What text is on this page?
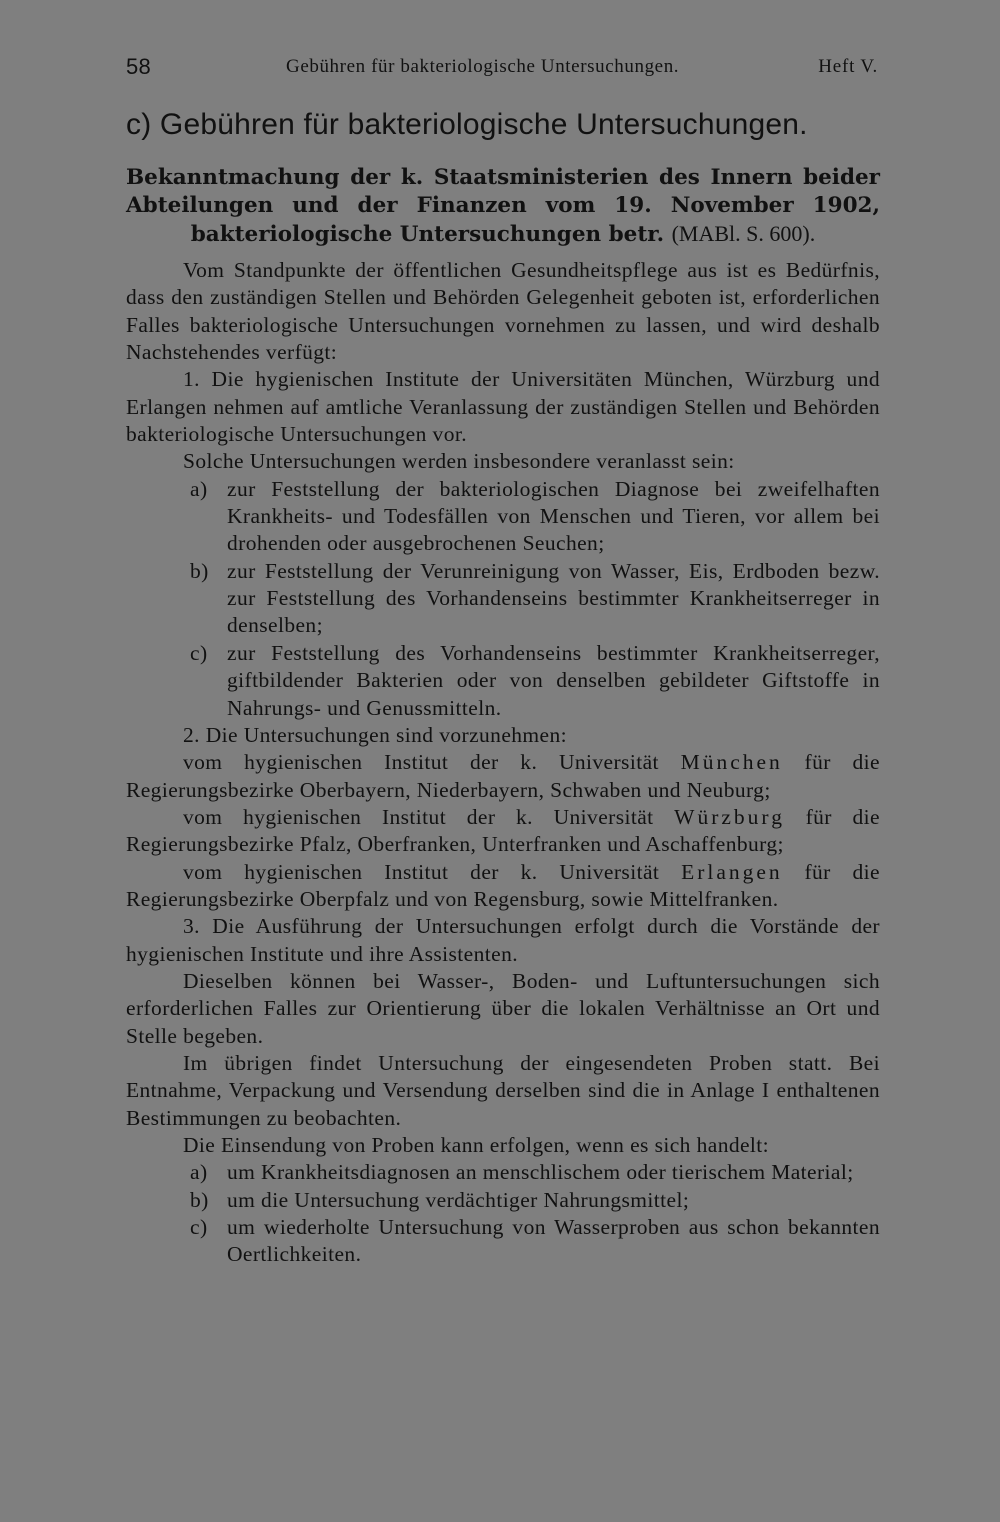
58	Gebühren für bakteriologische Untersuchungen.	Heft V.
c) Gebühren für bakteriologische Untersuchungen.
Bekanntmachung der k. Staatsministerien des Innern beider Abteilungen und der Finanzen vom 19. November 1902, bakteriologische Untersuchungen betr. (MABl. S. 600).

Vom Standpunkte der öffentlichen Gesundheitspflege aus ist es Bedürfnis, dass den zuständigen Stellen und Behörden Gelegenheit geboten ist, erforderlichen Falles bakteriologische Untersuchungen vornehmen zu lassen, und wird deshalb Nachstehendes verfügt:

1. Die hygienischen Institute der Universitäten München, Würzburg und Erlangen nehmen auf amtliche Veranlassung der zuständigen Stellen und Behörden bakteriologische Untersuchungen vor.

Solche Untersuchungen werden insbesondere veranlasst sein:

a) zur Feststellung der bakteriologischen Diagnose bei zweifelhaften Krankheits- und Todesfällen von Menschen und Tieren, vor allem bei drohenden oder ausgebrochenen Seuchen;
b) zur Feststellung der Verunreinigung von Wasser, Eis, Erdboden bezw. zur Feststellung des Vorhandenseins bestimmter Krankheitserreger in denselben;
c) zur Feststellung des Vorhandenseins bestimmter Krankheitserreger, giftbildender Bakterien oder von denselben gebildeter Giftstoffe in Nahrungs- und Genussmitteln.

2. Die Untersuchungen sind vorzunehmen:

vom hygienischen Institut der k. Universität München für die Regierungsbezirke Oberbayern, Niederbayern, Schwaben und Neuburg;

vom hygienischen Institut der k. Universität Würzburg für die Regierungsbezirke Pfalz, Oberfranken, Unterfranken und Aschaffenburg;

vom hygienischen Institut der k. Universität Erlangen für die Regierungsbezirke Oberpfalz und von Regensburg, sowie Mittelfranken.

3. Die Ausführung der Untersuchungen erfolgt durch die Vorstände der hygienischen Institute und ihre Assistenten.

Dieselben können bei Wasser-, Boden- und Luftuntersuchungen sich erforderlichen Falles zur Orientierung über die lokalen Verhältnisse an Ort und Stelle begeben.

Im übrigen findet Untersuchung der eingesendeten Proben statt. Bei Entnahme, Verpackung und Versendung derselben sind die in Anlage I enthaltenen Bestimmungen zu beobachten.

Die Einsendung von Proben kann erfolgen, wenn es sich handelt:

a) um Krankheitsdiagnosen an menschlischem oder tierischem Material;
b) um die Untersuchung verdächtiger Nahrungsmittel;
c) um wiederholte Untersuchung von Wasserproben aus schon bekannten Oertlichkeiten.
